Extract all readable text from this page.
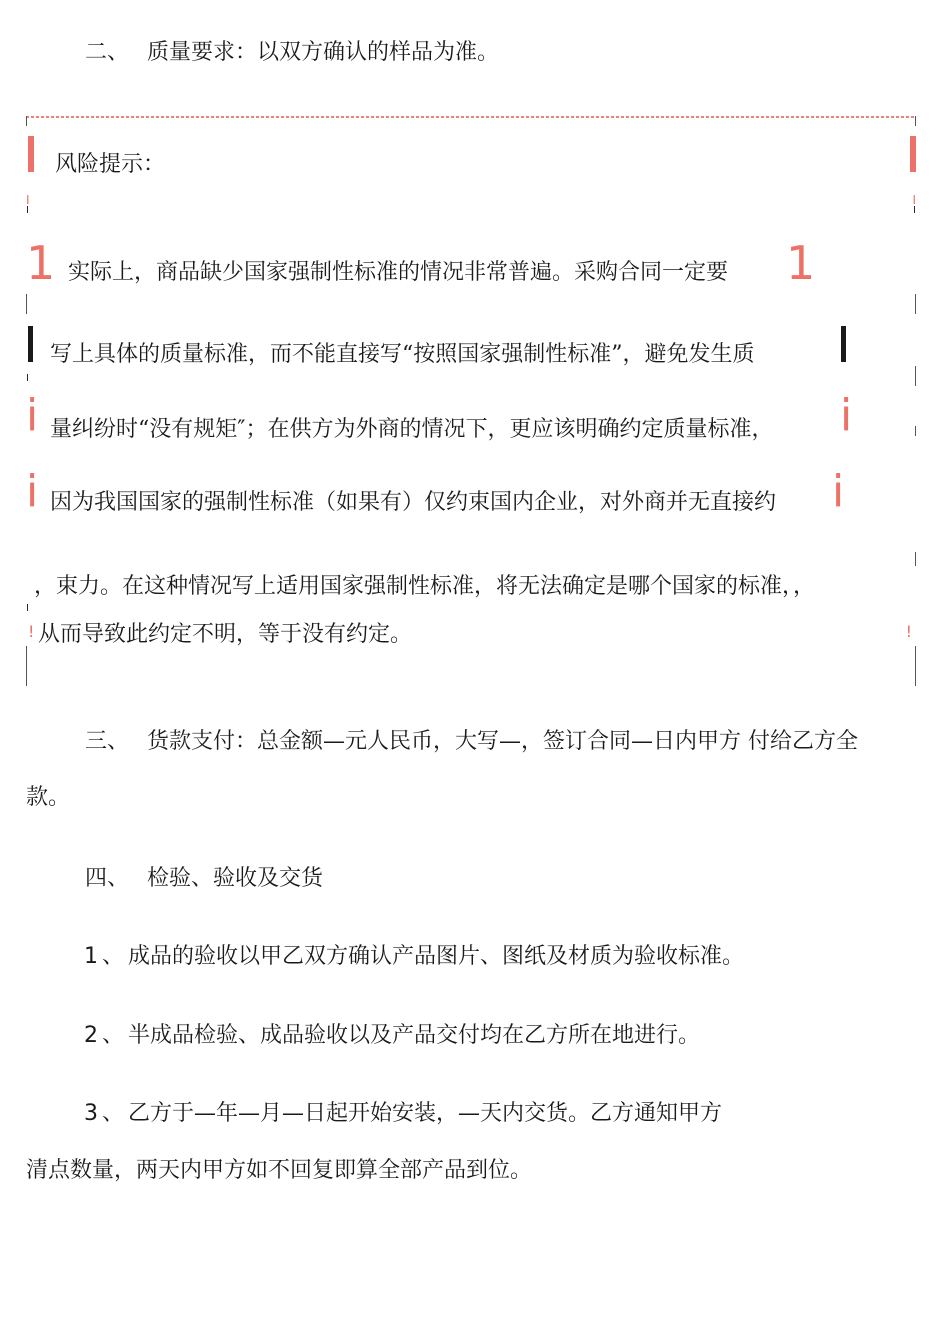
二、 质量要求：以双方确认的样品为准。
I
I
1
I
i
i
I
!
I
I
!
风险提示：
1
i
i
实际上，商品缺少国家强制性标准的情况非常普遍。采购合同一定要
写上具体的质量标准，而不能直接写“按照国家强制性标准”，避免发生质
量纠纷时“没有规矩″；在供方为外商的情况下，更应该明确约定质量标准，
因为我国国家的强制性标准（如果有）仅约束国内企业，对外商并无直接约
，束力。在这种情况写上适用国家强制性标准，将无法确定是哪个国家的标准，，
从而导致此约定不明，等于没有约定。
三、 货款支付：总金额—元人民币，大写—，签订合同—日内甲方 付给乙方全
款。
四、 检验、验收及交货
1 、 成品的验收以甲乙双方确认产品图片、图纸及材质为验收标准。
2 、 半成品检验、成品验收以及产品交付均在乙方所在地进行。
3 、 乙方于—年—月—日起开始安装，—天内交货。乙方通知甲方
清点数量，两天内甲方如不回复即算全部产品到位。
